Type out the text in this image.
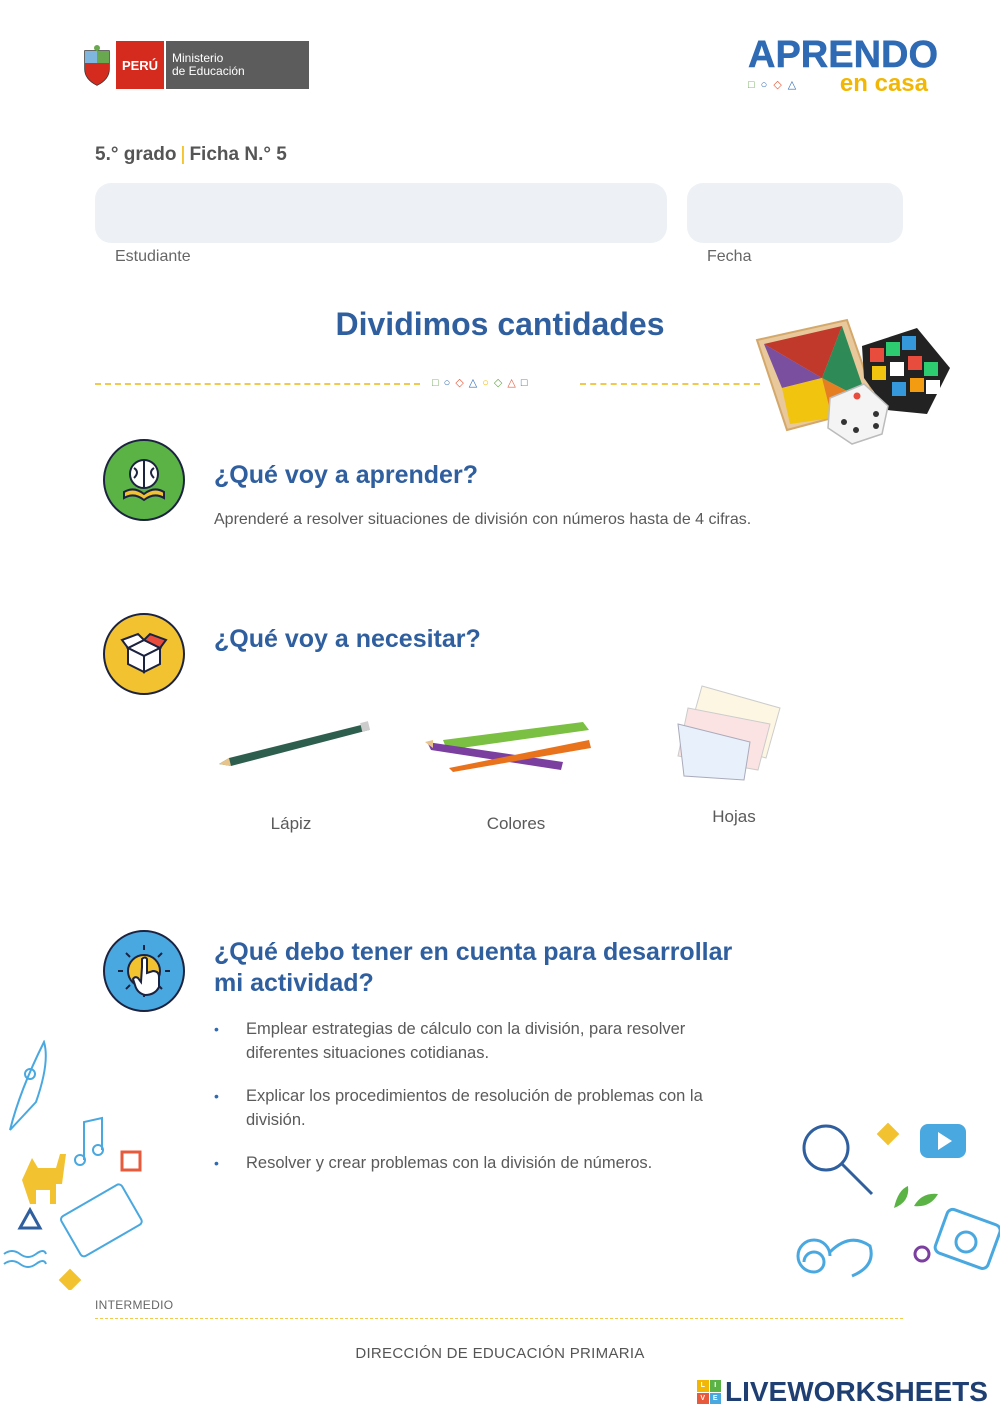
PERÚ	Ministerio
de Educación	APRENDO
□○◇△ en casa
5.° grado | Ficha N.° 5
Estudiante	Fecha
Dividimos cantidades
□○◇△○◇△□
¿Qué voy a aprender?
Aprenderé a resolver situaciones de división con números hasta de 4 cifras.
¿Qué voy a necesitar?
Lápiz	Colores	Hojas
¿Qué debo tener en cuenta para desarrollar
mi actividad?
• Emplear estrategias de cálculo con la división, para resolver
diferentes situaciones cotidianas.
• Explicar los procedimientos de resolución de problemas con la
división.
• Resolver y crear problemas con la división de números.
INTERMEDIO
DIRECCIÓN DE EDUCACIÓN PRIMARIA
L	I
V	E LIVEWORKSHEETS
